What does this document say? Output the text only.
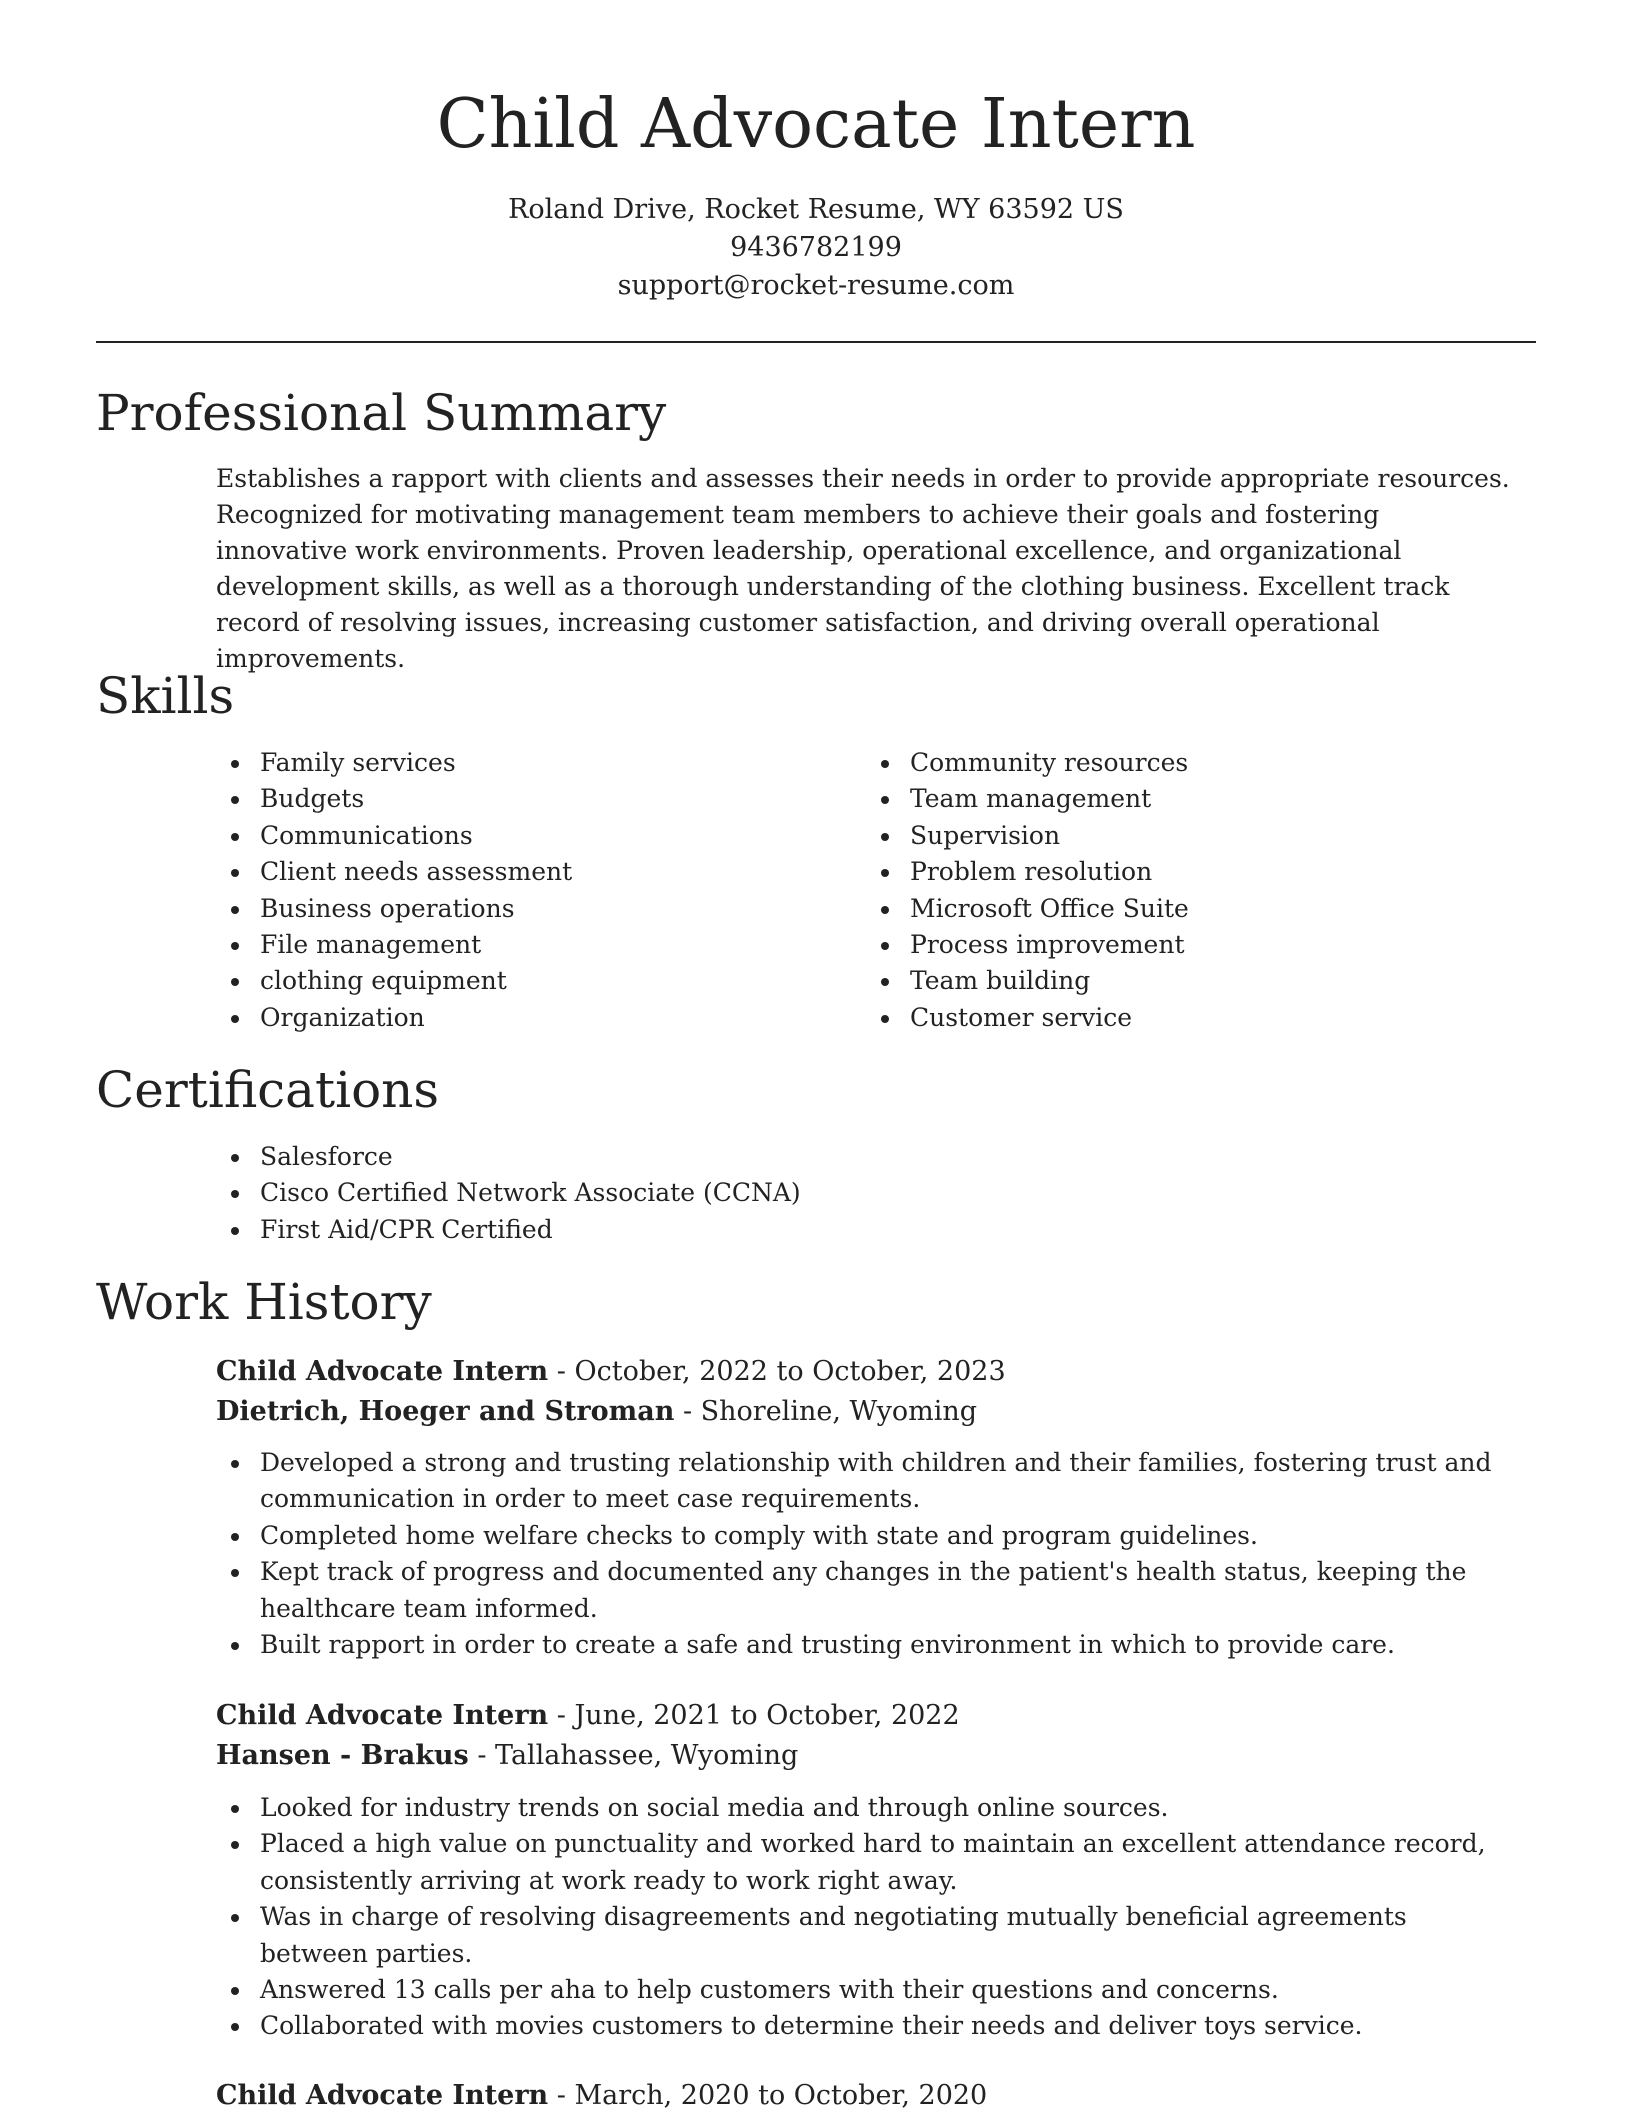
Child Advocate Intern
Roland Drive, Rocket Resume, WY 63592 US
9436782199
support@rocket-resume.com
Professional Summary

Establishes a rapport with clients and assesses their needs in order to provide appropriate resources. Recognized for motivating management team members to achieve their goals and fostering innovative work environments. Proven leadership, operational excellence, and organizational development skills, as well as a thorough understanding of the clothing business. Excellent track record of resolving issues, increasing customer satisfaction, and driving overall operational improvements.

Skills
Family services
Budgets
Communications
Client needs assessment
Business operations
File management
clothing equipment
Organization
Community resources
Team management
Supervision
Problem resolution
Microsoft Office Suite
Process improvement
Team building
Customer service
Certifications
Salesforce
Cisco Certified Network Associate (CCNA)
First Aid/CPR Certified
Work History
Child Advocate Intern - October, 2022 to October, 2023
Dietrich, Hoeger and Stroman - Shoreline, Wyoming
Developed a strong and trusting relationship with children and their families, fostering trust and communication in order to meet case requirements.
Completed home welfare checks to comply with state and program guidelines.
Kept track of progress and documented any changes in the patient's health status, keeping the healthcare team informed.
Built rapport in order to create a safe and trusting environment in which to provide care.
Child Advocate Intern - June, 2021 to October, 2022
Hansen - Brakus - Tallahassee, Wyoming
Looked for industry trends on social media and through online sources.
Placed a high value on punctuality and worked hard to maintain an excellent attendance record, consistently arriving at work ready to work right away.
Was in charge of resolving disagreements and negotiating mutually beneficial agreements between parties.
Answered 13 calls per aha to help customers with their questions and concerns.
Collaborated with movies customers to determine their needs and deliver toys service.
Child Advocate Intern - March, 2020 to October, 2020
